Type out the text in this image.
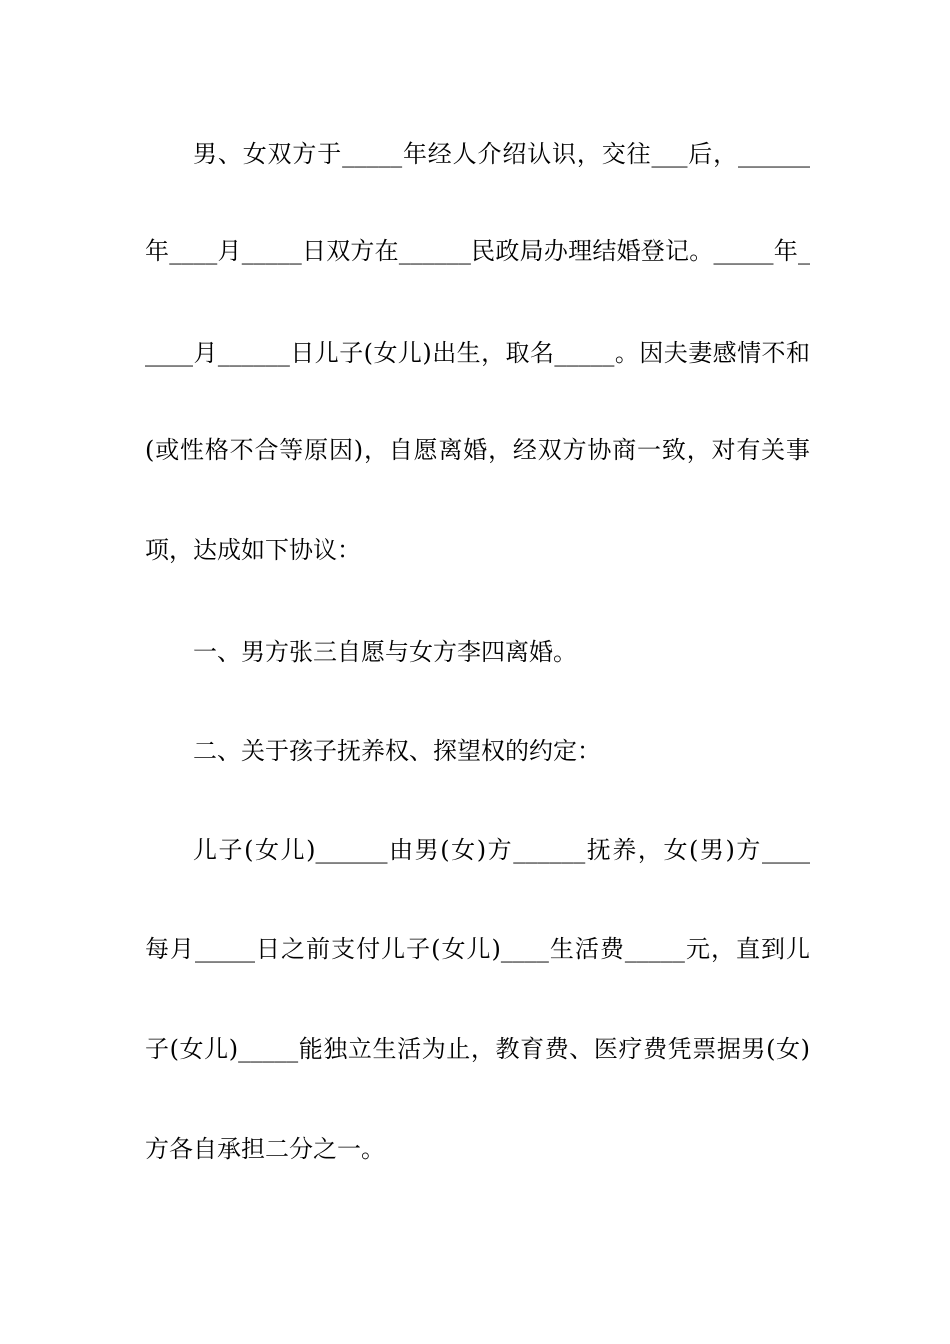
男、女双方于_____年经人介绍认识，交往___后，______

年____月_____日双方在______民政局办理结婚登记。_____年_

____月______日儿子(女儿)出生，取名_____。因夫妻感情不和

(或性格不合等原因)，自愿离婚，经双方协商一致，对有关事

项，达成如下协议：

一、男方张三自愿与女方李四离婚。

二、关于孩子抚养权、探望权的约定：

儿子(女儿)______由男(女)方______抚养，女(男)方____

每月_____日之前支付儿子(女儿)____生活费_____元，直到儿

子(女儿)_____能独立生活为止，教育费、医疗费凭票据男(女)

方各自承担二分之一。
